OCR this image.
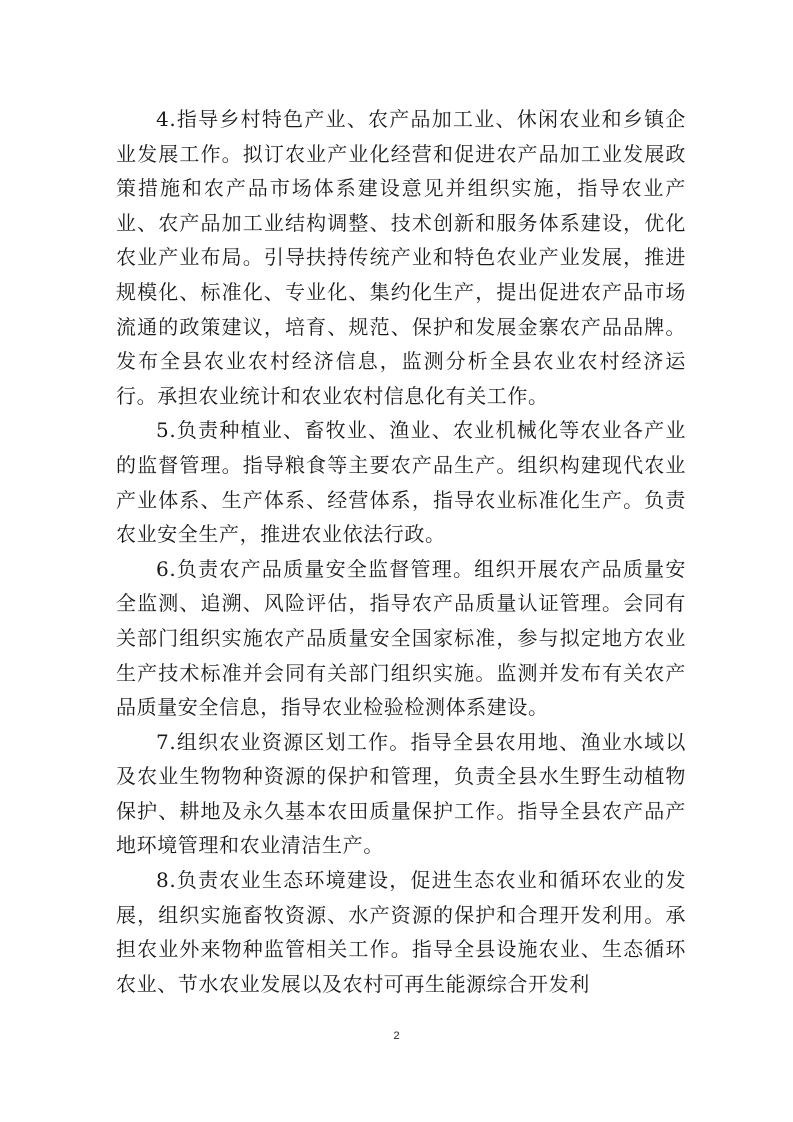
4.指导乡村特色产业、农产品加工业、休闲农业和乡镇企业发展工作。拟订农业产业化经营和促进农产品加工业发展政策措施和农产品市场体系建设意见并组织实施，指导农业产业、农产品加工业结构调整、技术创新和服务体系建设，优化农业产业布局。引导扶持传统产业和特色农业产业发展，推进规模化、标准化、专业化、集约化生产，提出促进农产品市场流通的政策建议，培育、规范、保护和发展金寨农产品品牌。发布全县农业农村经济信息，监测分析全县农业农村经济运行。承担农业统计和农业农村信息化有关工作。

5.负责种植业、畜牧业、渔业、农业机械化等农业各产业的监督管理。指导粮食等主要农产品生产。组织构建现代农业产业体系、生产体系、经营体系，指导农业标准化生产。负责农业安全生产，推进农业依法行政。

6.负责农产品质量安全监督管理。组织开展农产品质量安全监测、追溯、风险评估，指导农产品质量认证管理。会同有关部门组织实施农产品质量安全国家标准，参与拟定地方农业生产技术标准并会同有关部门组织实施。监测并发布有关农产品质量安全信息，指导农业检验检测体系建设。

7.组织农业资源区划工作。指导全县农用地、渔业水域以及农业生物物种资源的保护和管理，负责全县水生野生动植物保护、耕地及永久基本农田质量保护工作。指导全县农产品产地环境管理和农业清洁生产。

8.负责农业生态环境建设，促进生态农业和循环农业的发展，组织实施畜牧资源、水产资源的保护和合理开发利用。承担农业外来物种监管相关工作。指导全县设施农业、生态循环农业、节水农业发展以及农村可再生能源综合开发利

2
